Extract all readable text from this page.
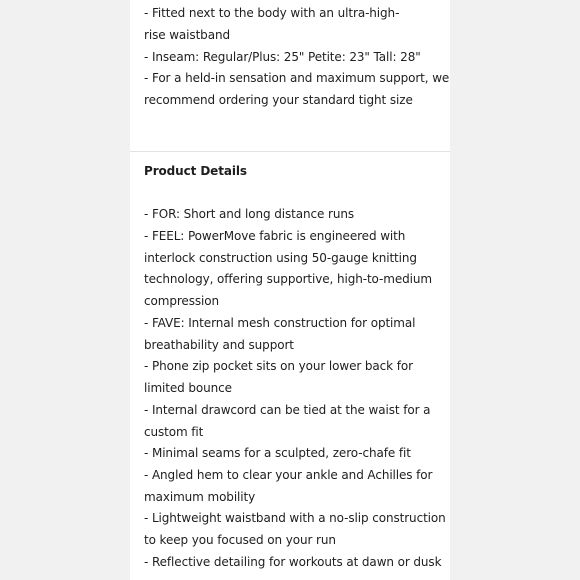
- Fitted next to the body with an ultra-high-
rise waistband
- Inseam: Regular/Plus: 25" Petite: 23" Tall: 28"
- For a held-in sensation and maximum support, we
recommend ordering your standard tight size
Product Details
- FOR: Short and long distance runs
- FEEL: PowerMove fabric is engineered with
interlock construction using 50-gauge knitting
technology, offering supportive, high-to-medium
compression
- FAVE: Internal mesh construction for optimal
breathability and support
- Phone zip pocket sits on your lower back for
limited bounce
- Internal drawcord can be tied at the waist for a
custom fit
- Minimal seams for a sculpted, zero-chafe fit
- Angled hem to clear your ankle and Achilles for
maximum mobility
- Lightweight waistband with a no-slip construction
to keep you focused on your run
- Reflective detailing for workouts at dawn or dusk
